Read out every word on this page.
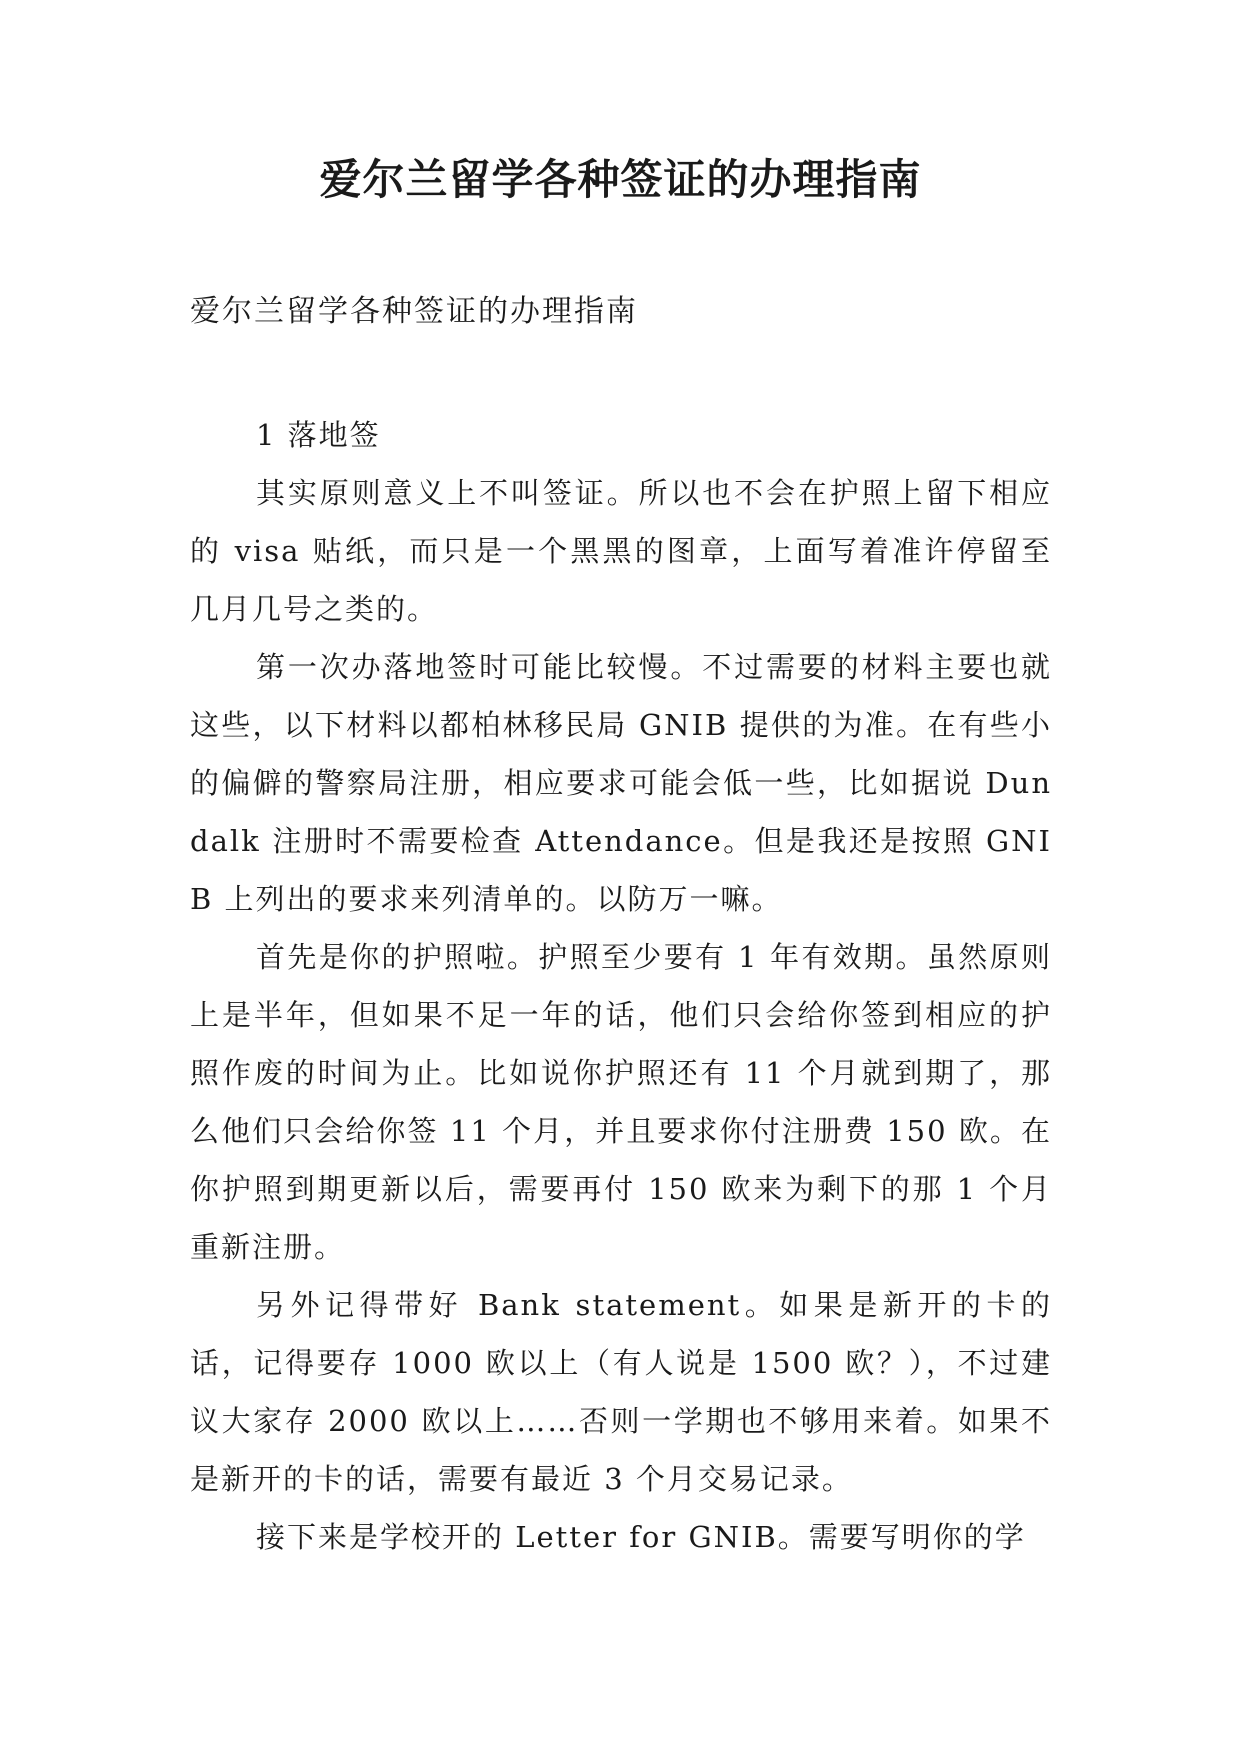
爱尔兰留学各种签证的办理指南

爱尔兰留学各种签证的办理指南

1 落地签

其实原则意义上不叫签证。所以也不会在护照上留下相应的 visa 贴纸，而只是一个黑黑的图章，上面写着准许停留至几月几号之类的。

第一次办落地签时可能比较慢。不过需要的材料主要也就这些，以下材料以都柏林移民局 GNIB 提供的为准。在有些小的偏僻的警察局注册，相应要求可能会低一些，比如据说 Dundalk 注册时不需要检查 Attendance。但是我还是按照 GNIB 上列出的要求来列清单的。以防万一嘛。

首先是你的护照啦。护照至少要有 1 年有效期。虽然原则上是半年，但如果不足一年的话，他们只会给你签到相应的护照作废的时间为止。比如说你护照还有 11 个月就到期了，那么他们只会给你签 11 个月，并且要求你付注册费 150 欧。在你护照到期更新以后，需要再付 150 欧来为剩下的那 1 个月重新注册。

另外记得带好 Bank statement。如果是新开的卡的话，记得要存 1000 欧以上（有人说是 1500 欧？），不过建议大家存 2000 欧以上……否则一学期也不够用来着。如果不是新开的卡的话，需要有最近 3 个月交易记录。

接下来是学校开的 Letter for GNIB。需要写明你的学
